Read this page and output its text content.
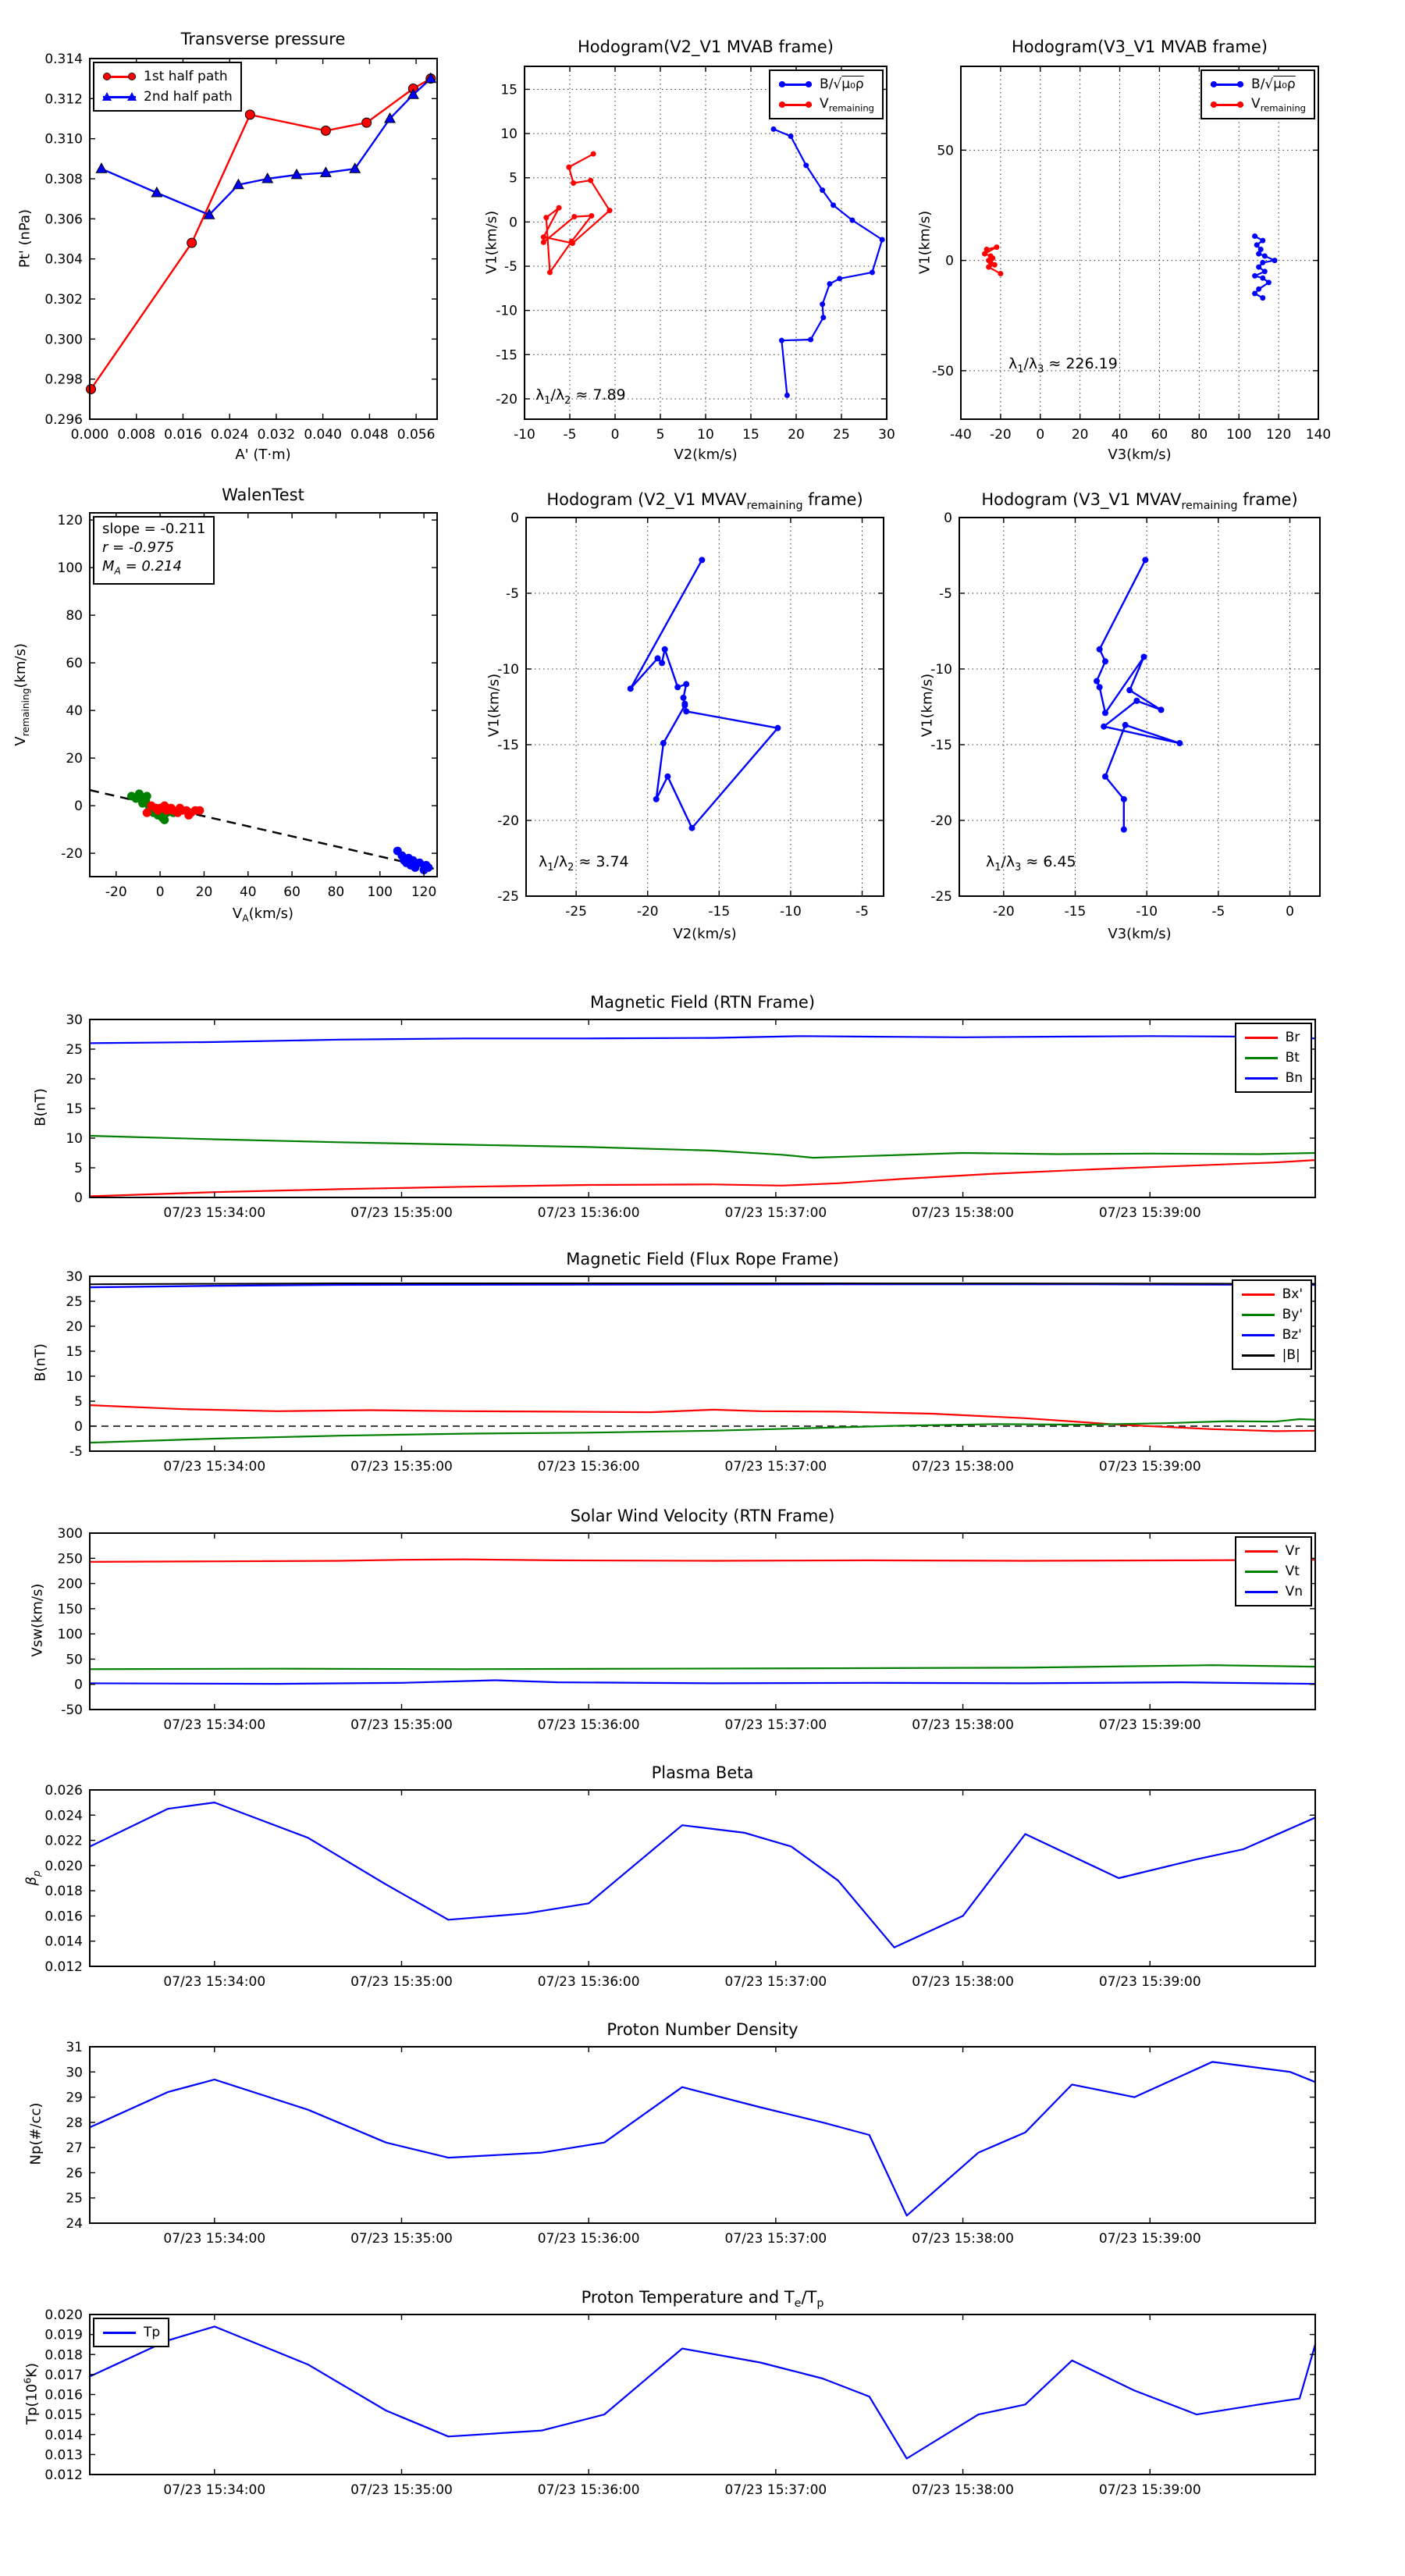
0.000 0.008 0.016 0.024 0.032 0.040 0.048 0.056
0.296
0.298
0.300
0.302
0.304
0.306
0.308
0.310
0.312
0.314
-10 -5	0	5 10 15 20 25 30
15
10
5
0
-5
-10
-15
-20
-40 -20 0 20 40 60 80 100 120 140
50
0
-50
-20 0 20 40 60 80 100 120
-20
0
20
40
60
80
100
120
-25	-20	-15	-10	-5
0
-5
-10
-15
-20
-25
-20	-15	-10	-5	0
0
-5
-10
-15
-20
-25
07/23 15:34:00	07/23 15:35:00	07/23 15:36:00	07/23 15:37:00	07/23 15:38:00	07/23 15:39:00
0
5
10
15
20
25
30
07/23 15:34:00	07/23 15:35:00	07/23 15:36:00	07/23 15:37:00	07/23 15:38:00	07/23 15:39:00
-5
0
5
10
15
20
25
30
07/23 15:34:00	07/23 15:35:00	07/23 15:36:00	07/23 15:37:00	07/23 15:38:00	07/23 15:39:00
-50
0
50
100
150
200
250
300
07/23 15:34:00	07/23 15:35:00	07/23 15:36:00	07/23 15:37:00	07/23 15:38:00	07/23 15:39:00
0.012
0.014
0.016
0.018
0.020
0.022
0.024
0.026
07/23 15:34:00	07/23 15:35:00	07/23 15:36:00	07/23 15:37:00	07/23 15:38:00	07/23 15:39:00
24
25
26
27
28
29
30
31
07/23 15:34:00	07/23 15:35:00	07/23 15:36:00	07/23 15:37:00	07/23 15:38:00	07/23 15:39:00
0.012
0.013
0.014
0.015
0.016
0.017
0.018
0.019
0.020
Transverse pressure	Hodogram(V2_V1 MVAB frame)	Hodogram(V3_V1 MVAB frame)
WalenTest	Hodogram (V2_V1 $MVAV_{remaining}$ frame)	Hodogram (V3_V1 $MVAV_{remaining}$ frame)
Magnetic Field (RTN Frame)
Magnetic Field (Flux Rope Frame)
Solar Wind Velocity (RTN Frame)
Plasma Beta
Proton Number Density
Proton Temperature and $T_e/T_p$
A' (T·m)	V2(km/s)	V3(km/s)
$V_A(km/s)$
V2(km/s)	V3(km/s)
Pt' (nPa)	V1(km/s)	V1(km/s)
$V_{remaining}(km/s)$
V1(km/s)	V1(km/s)
B(nT)
B(nT)
Vsw(km/s)
$\beta_p$
Np(#/cc)
$Tp(10^6K)$
$\lambda_1/\lambda_2 \approx 7.89$
$\lambda_1/\lambda_3 \approx 226.19$
$\lambda_1/\lambda_2 \approx 3.74$	$\lambda_1/\lambda_3 \approx 6.45$
slope = -0.211
r = -0.975
$M_A = 0.214$
1st half path
2nd half path
B/√μ₀ρ
$V_{remaining}$
B/√μ₀ρ
$V_{remaining}$
Br
Bt
Bn
Bx'
By'
Bz'
|B|
Vr
Vt
Vn
Tp
